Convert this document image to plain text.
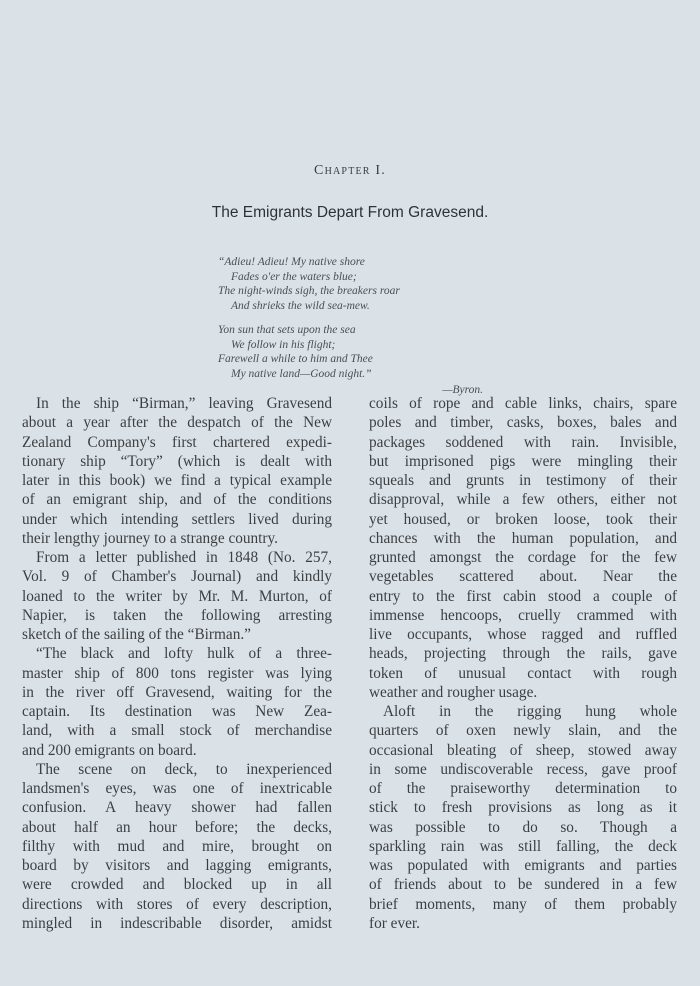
Chapter I.
The Emigrants Depart From Gravesend.
“Adieu! Adieu! My native shore
Fades o'er the waters blue;
The night-winds sigh, the breakers roar
And shrieks the wild sea-mew.
Yon sun that sets upon the sea
We follow in his flight;
Farewell a while to him and Thee
My native land—Good night.”
—Byron.
In the ship “Birman,” leaving Gravesend
about a year after the despatch of the New
Zealand Company's first chartered expedi-
tionary ship “Tory” (which is dealt with
later in this book) we find a typical example
of an emigrant ship, and of the conditions
under which intending settlers lived during
their lengthy journey to a strange country.
From a letter published in 1848 (No. 257,
Vol. 9 of Chamber's Journal) and kindly
loaned to the writer by Mr. M. Murton, of
Napier, is taken the following arresting
sketch of the sailing of the “Birman.”
“The black and lofty hulk of a three-
master ship of 800 tons register was lying
in the river off Gravesend, waiting for the
captain. Its destination was New Zea-
land, with a small stock of merchandise
and 200 emigrants on board.
The scene on deck, to inexperienced
landsmen's eyes, was one of inextricable
confusion. A heavy shower had fallen
about half an hour before; the decks,
filthy with mud and mire, brought on
board by visitors and lagging emigrants,
were crowded and blocked up in all
directions with stores of every description,
mingled in indescribable disorder, amidst
coils of rope and cable links, chairs, spare
poles and timber, casks, boxes, bales and
packages soddened with rain. Invisible,
but imprisoned pigs were mingling their
squeals and grunts in testimony of their
disapproval, while a few others, either not
yet housed, or broken loose, took their
chances with the human population, and
grunted amongst the cordage for the few
vegetables scattered about. Near the
entry to the first cabin stood a couple of
immense hencoops, cruelly crammed with
live occupants, whose ragged and ruffled
heads, projecting through the rails, gave
token of unusual contact with rough
weather and rougher usage.
Aloft in the rigging hung whole
quarters of oxen newly slain, and the
occasional bleating of sheep, stowed away
in some undiscoverable recess, gave proof
of the praiseworthy determination to
stick to fresh provisions as long as it
was possible to do so. Though a
sparkling rain was still falling, the deck
was populated with emigrants and parties
of friends about to be sundered in a few
brief moments, many of them probably
for ever.
